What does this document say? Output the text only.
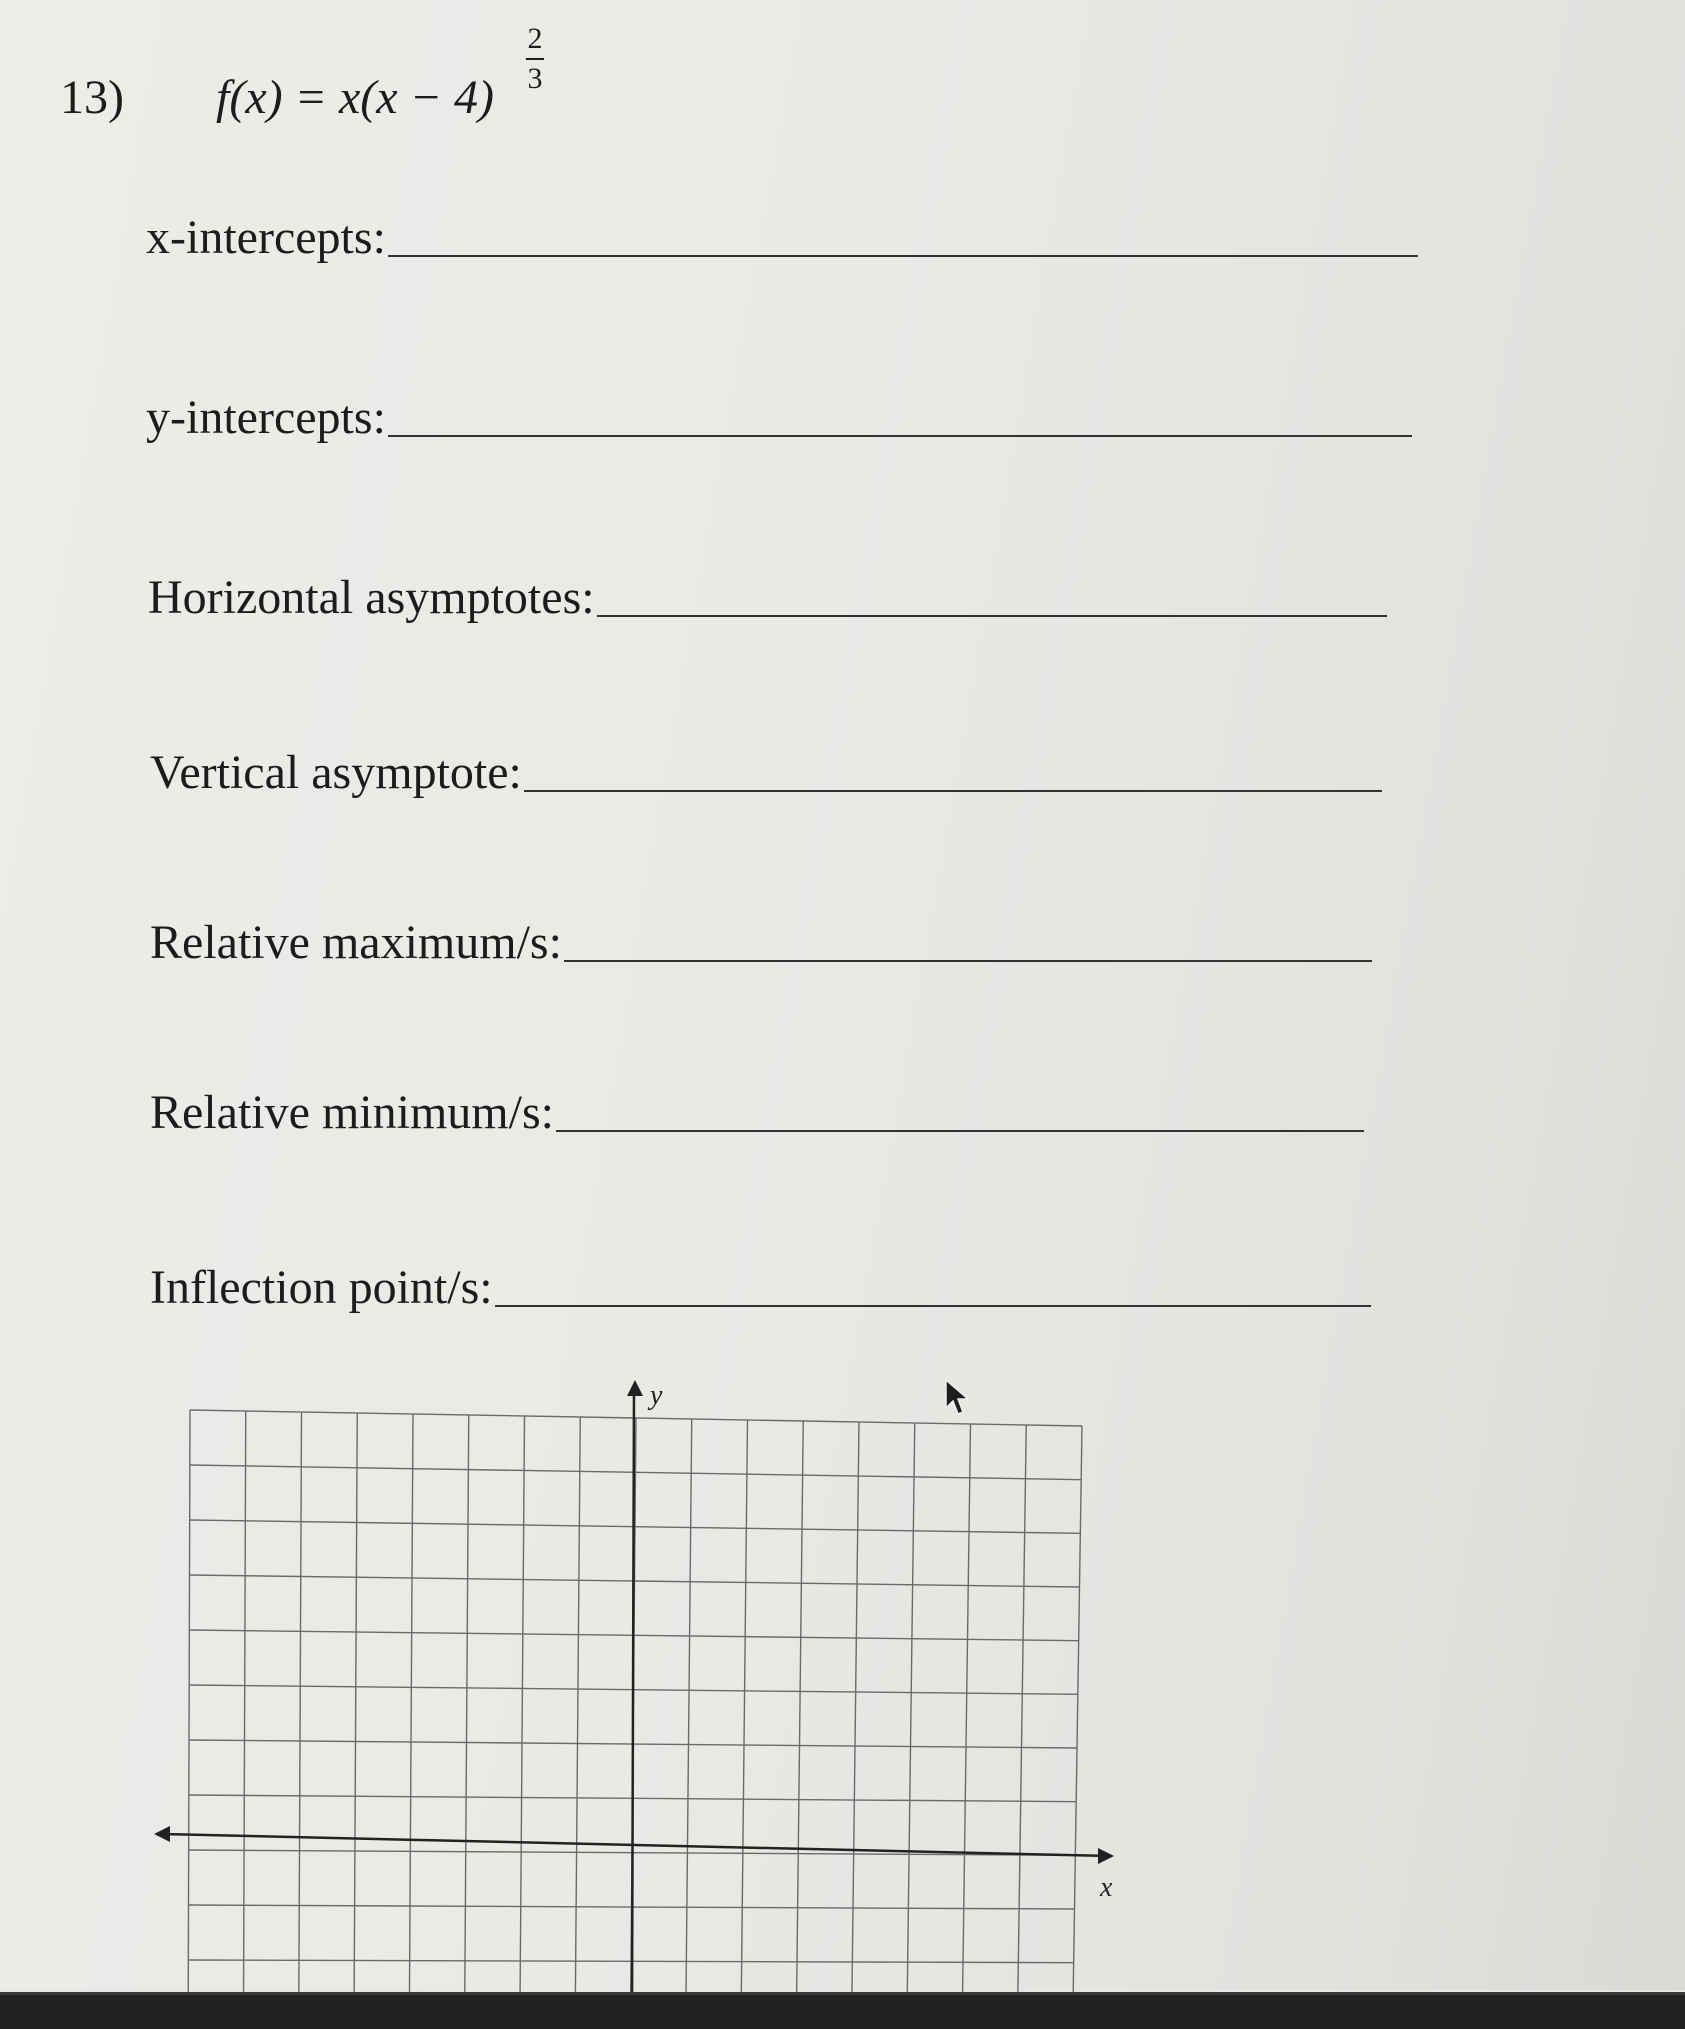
13) f(x) = x(x − 4)
2
3
x-intercepts:
y-intercepts:
Horizontal asymptotes:
Vertical asymptote:
Relative maximum/s:
Relative minimum/s:
Inflection point/s:
x
y
